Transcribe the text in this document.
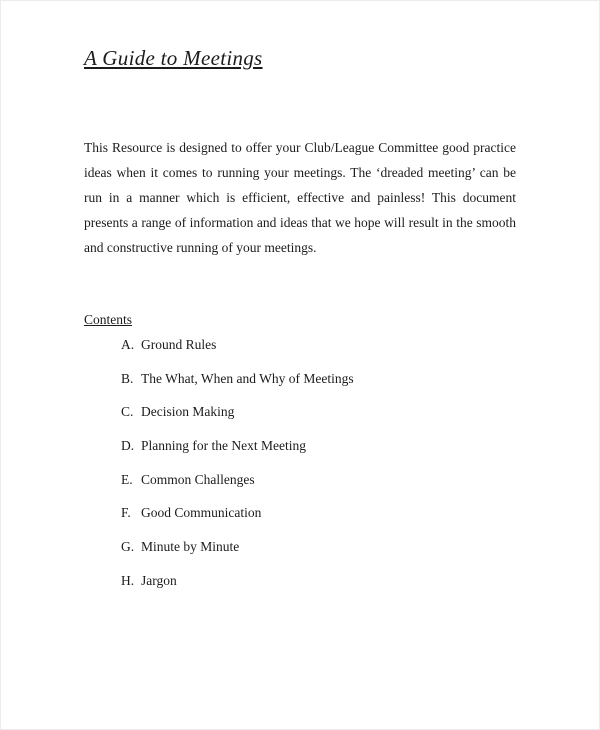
A Guide to Meetings

This Resource is designed to offer your Club/League Committee good practice ideas when it comes to running your meetings. The ‘dreaded meeting’ can be run in a manner which is efficient, effective and painless! This document presents a range of information and ideas that we hope will result in the smooth and constructive running of your meetings.

Contents
A. Ground Rules
B. The What, When and Why of Meetings
C. Decision Making
D. Planning for the Next Meeting
E. Common Challenges
F. Good Communication
G. Minute by Minute
H. Jargon
